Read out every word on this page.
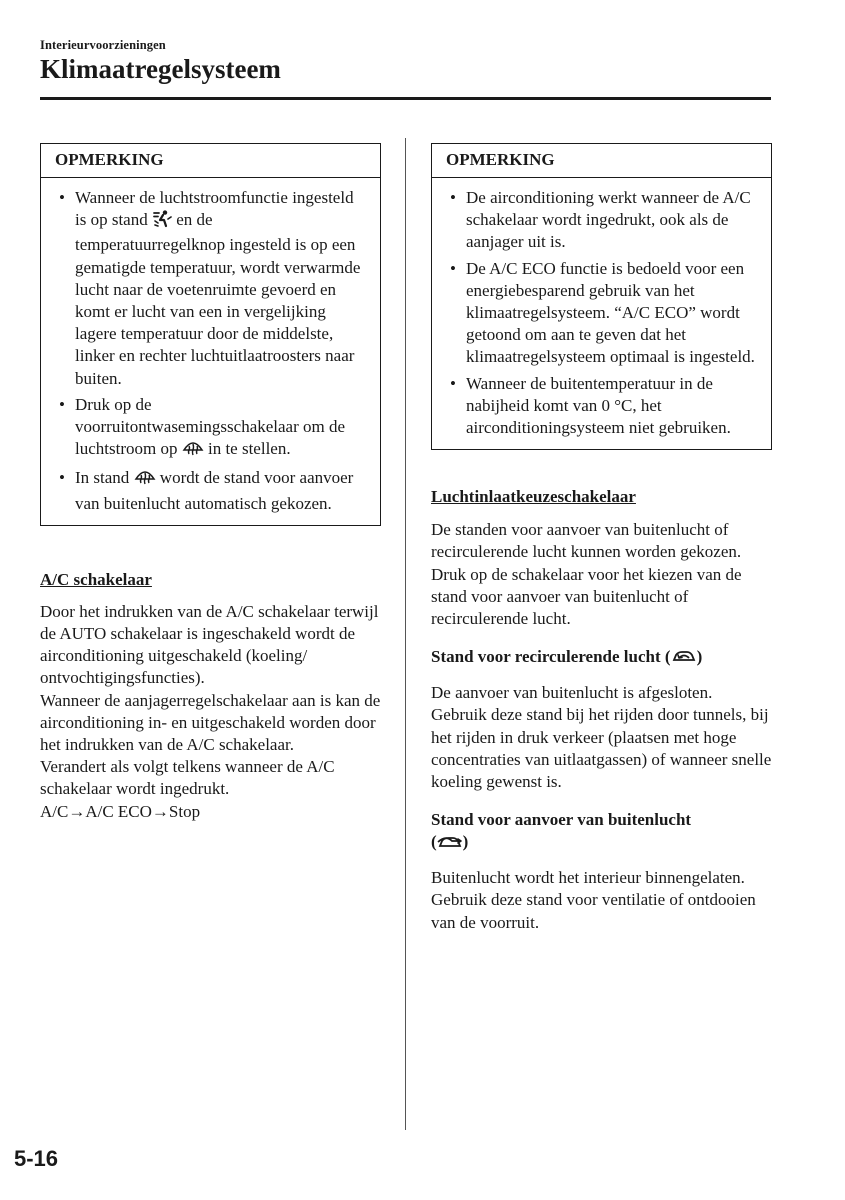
Interieurvoorzieningen
Klimaatregelsysteem
OPMERKING
• Wanneer de luchtstroomfunctie ingesteld is op stand en de temperatuurregelknop ingesteld is op een gematigde temperatuur, wordt verwarmde lucht naar de voetenruimte gevoerd en komt er lucht van een in vergelijking lagere temperatuur door de middelste, linker en rechter luchtuitlaatroosters naar buiten.
• Druk op de voorruitontwasemingsschakelaar om de luchtstroom op in te stellen.
• In stand wordt de stand voor aanvoer van buitenlucht automatisch gekozen.
A/C schakelaar

Door het indrukken van de A/C schakelaar terwijl de AUTO schakelaar is ingeschakeld wordt de airconditioning uitgeschakeld (koeling/ ontvochtigingsfuncties).

Wanneer de aanjagerregelschakelaar aan is kan de airconditioning in- en uitgeschakeld worden door het indrukken van de A/C schakelaar.

Verandert als volgt telkens wanneer de A/C schakelaar wordt ingedrukt.

A/C→A/C ECO→Stop

OPMERKING
• De airconditioning werkt wanneer de A/C schakelaar wordt ingedrukt, ook als de aanjager uit is.
• De A/C ECO functie is bedoeld voor een energiebesparend gebruik van het klimaatregelsysteem. “A/C ECO” wordt getoond om aan te geven dat het klimaatregelsysteem optimaal is ingesteld.
• Wanneer de buitentemperatuur in de nabijheid komt van 0 °C, het airconditioningsysteem niet gebruiken.
Luchtinlaatkeuzeschakelaar

De standen voor aanvoer van buitenlucht of recirculerende lucht kunnen worden gekozen. Druk op de schakelaar voor het kiezen van de stand voor aanvoer van buitenlucht of recirculerende lucht.

Stand voor recirculerende lucht ( )

De aanvoer van buitenlucht is afgesloten. Gebruik deze stand bij het rijden door tunnels, bij het rijden in druk verkeer (plaatsen met hoge concentraties van uitlaatgassen) of wanneer snelle koeling gewenst is.

Stand voor aanvoer van buitenlucht
( )

Buitenlucht wordt het interieur binnengelaten. Gebruik deze stand voor ventilatie of ontdooien van de voorruit.

5-16
